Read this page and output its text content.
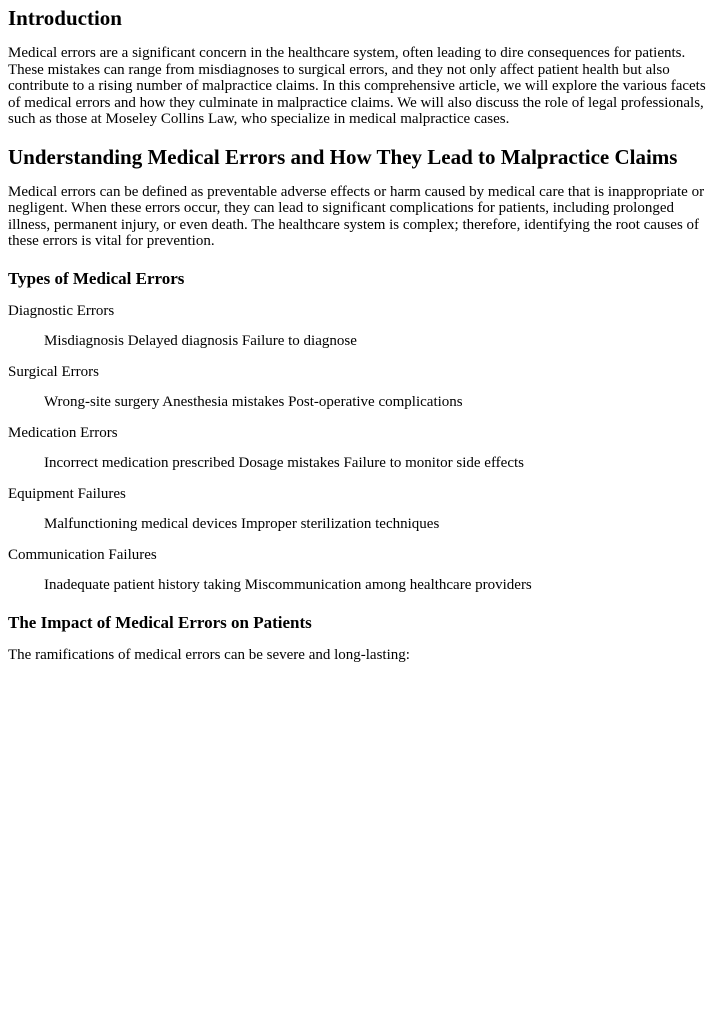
Introduction

Medical errors are a significant concern in the healthcare system, often leading to dire consequences for patients. These mistakes can range from misdiagnoses to surgical errors, and they not only affect patient health but also contribute to a rising number of malpractice claims. In this comprehensive article, we will explore the various facets of medical errors and how they culminate in malpractice claims. We will also discuss the role of legal professionals, such as those at Moseley Collins Law, who specialize in medical malpractice cases.

Understanding Medical Errors and How They Lead to Malpractice Claims

Medical errors can be defined as preventable adverse effects or harm caused by medical care that is inappropriate or negligent. When these errors occur, they can lead to significant complications for patients, including prolonged illness, permanent injury, or even death. The healthcare system is complex; therefore, identifying the root causes of these errors is vital for prevention.

Types of Medical Errors

Diagnostic Errors

Misdiagnosis Delayed diagnosis Failure to diagnose

Surgical Errors

Wrong-site surgery Anesthesia mistakes Post-operative complications

Medication Errors

Incorrect medication prescribed Dosage mistakes Failure to monitor side effects

Equipment Failures

Malfunctioning medical devices Improper sterilization techniques

Communication Failures

Inadequate patient history taking Miscommunication among healthcare providers

The Impact of Medical Errors on Patients

The ramifications of medical errors can be severe and long-lasting:
